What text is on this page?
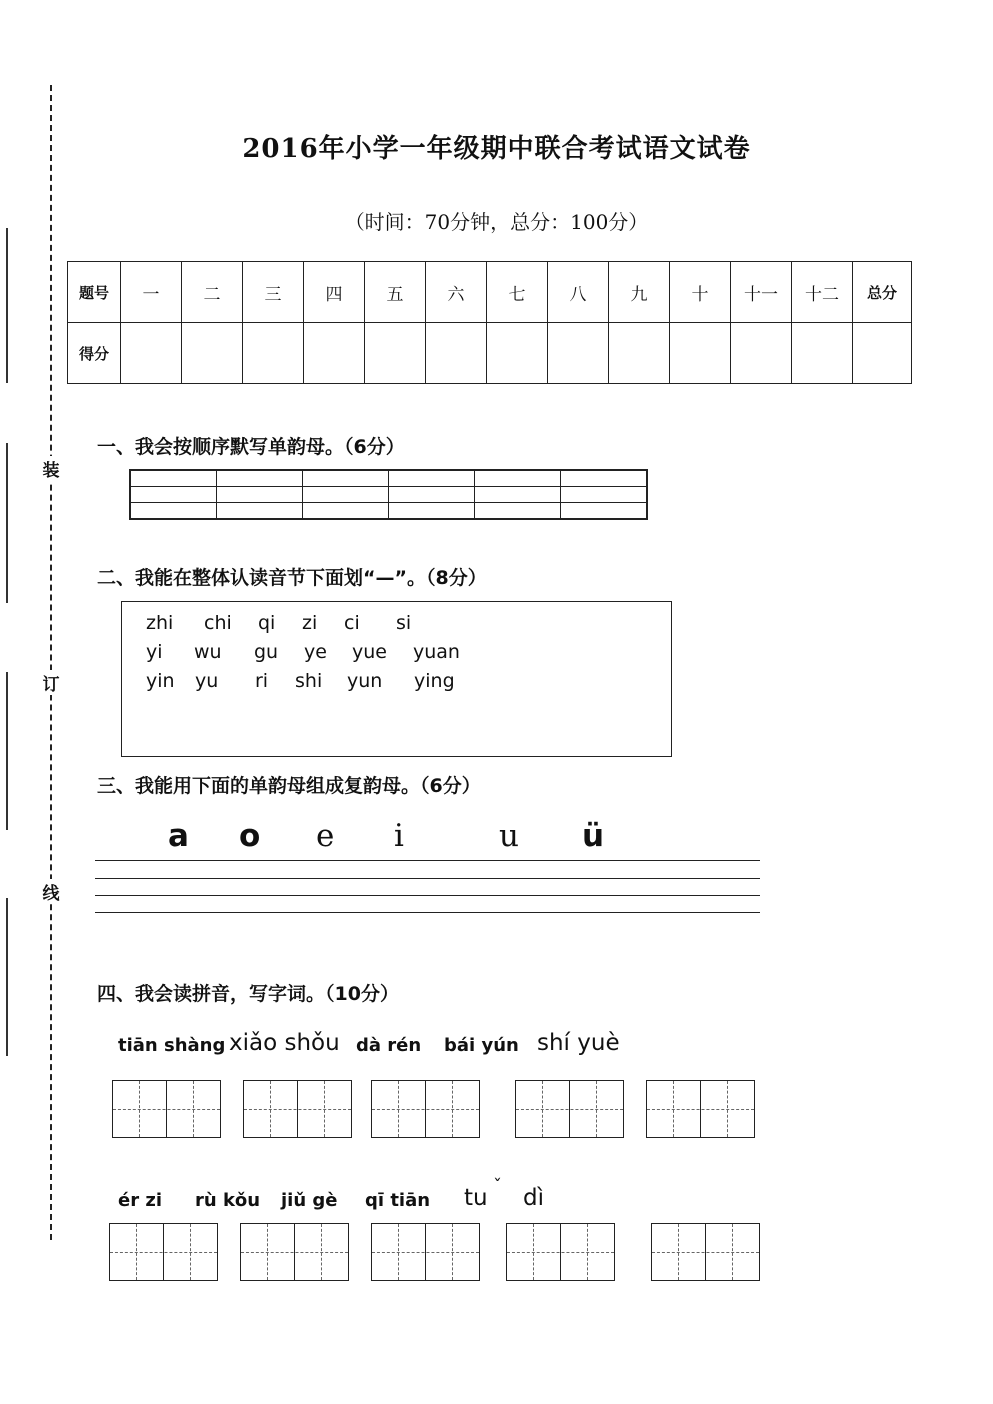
装
订
线
2016年小学一年级期中联合考试语文试卷
（时间：70分钟，总分：100分）
题号	一	二	三	四	五	六	七	八	九	十	十一	十二	总分
得分													
一、我会按顺序默写单韵母。（6分）

二、我能在整体认读音节下面划“—”。（8分）
zhi chi qi zi ci si
yi wu gu ye yue yuan
yin yu ri shi yun ying
三、我能用下面的单韵母组成复韵母。（6分）
a o e i	u ü
四、我会读拼音，写字词。（10分）
tiān shàng xiǎo shǒu dà rén bái yún shí yuè
ér zi rù kǒu jiǔ gè qī tiān tu ˇ dì
